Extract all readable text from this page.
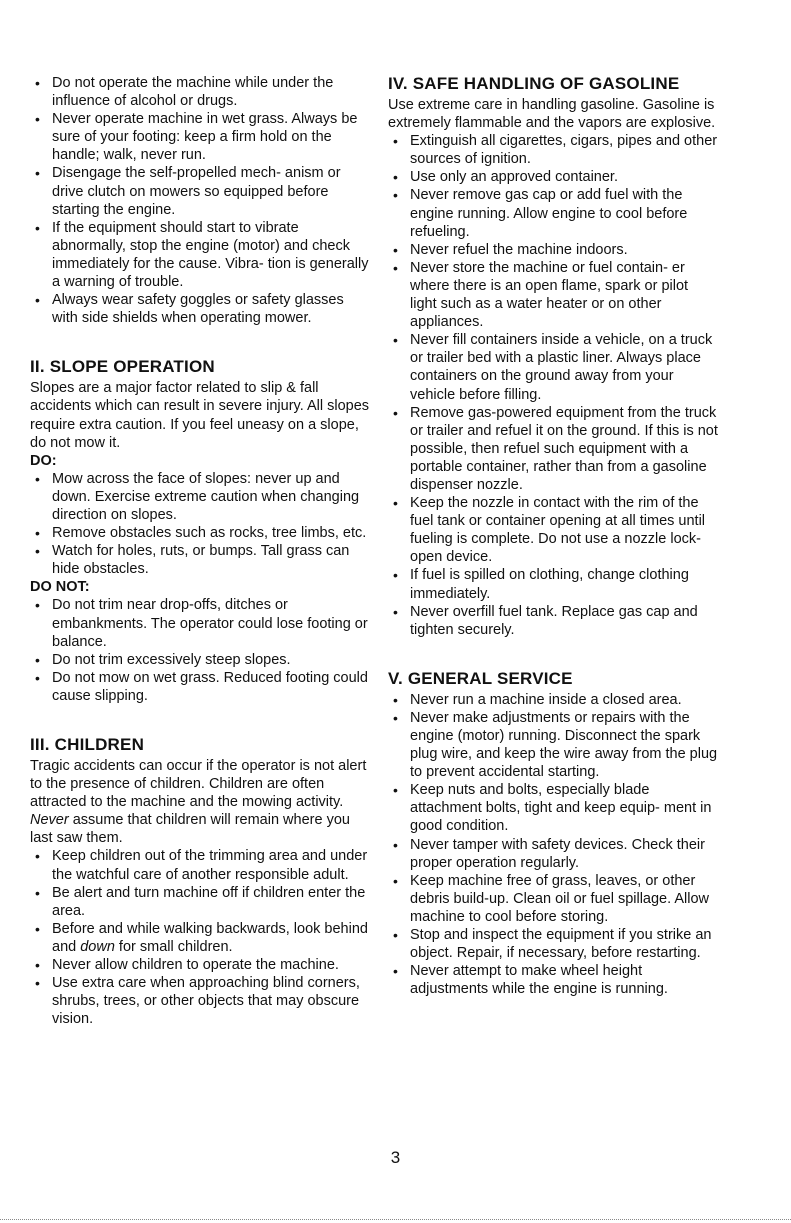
• Do not operate the machine while under the influence of alcohol or drugs.
• Never operate machine in wet grass. Always be sure of your footing: keep a firm hold on the handle; walk, never run.
• Disengage the self-propelled mech- anism or drive clutch on mowers so equipped before starting the engine.
• If the equipment should start to vibrate abnormally, stop the engine (motor) and check immediately for the cause. Vibra- tion is generally a warning of trouble.
• Always wear safety goggles or safety glasses with side shields when operating mower.
II. SLOPE OPERATION

Slopes are a major factor related to slip & fall accidents which can result in severe injury. All slopes require extra caution. If you feel uneasy on a slope, do not mow it.

DO:

• Mow across the face of slopes: never up and down. Exercise extreme caution when changing direction on slopes.
• Remove obstacles such as rocks, tree limbs, etc.
• Watch for holes, ruts, or bumps. Tall grass can hide obstacles.

DO NOT:

• Do not trim near drop-offs, ditches or embankments. The operator could lose footing or balance.
• Do not trim excessively steep slopes.
• Do not mow on wet grass. Reduced footing could cause slipping.
III. CHILDREN

Tragic accidents can occur if the operator is not alert to the presence of children. Children are often attracted to the machine and the mowing activity. Never assume that children will remain where you last saw them.

• Keep children out of the trimming area and under the watchful care of another responsible adult.
• Be alert and turn machine off if children enter the area.
• Before and while walking backwards, look behind and down for small children.
• Never allow children to operate the machine.
• Use extra care when approaching blind corners, shrubs, trees, or other objects that may obscure vision.
IV. SAFE HANDLING OF GASOLINE

Use extreme care in handling gasoline. Gasoline is extremely flammable and the vapors are explosive.

• Extinguish all cigarettes, cigars, pipes and other sources of ignition.
• Use only an approved container.
• Never remove gas cap or add fuel with the engine running. Allow engine to cool before refueling.
• Never refuel the machine indoors.
• Never store the machine or fuel contain- er where there is an open flame, spark or pilot light such as a water heater or on other appliances.
• Never fill containers inside a vehicle, on a truck or trailer bed with a plastic liner. Always place containers on the ground away from your vehicle before filling.
• Remove gas-powered equipment from the truck or trailer and refuel it on the ground. If this is not possible, then refuel such equipment with a portable container, rather than from a gasoline dispenser nozzle.
• Keep the nozzle in contact with the rim of the fuel tank or container opening at all times until fueling is complete. Do not use a nozzle lock-open device.
• If fuel is spilled on clothing, change clothing immediately.
• Never overfill fuel tank. Replace gas cap and tighten securely.
V. GENERAL SERVICE
• Never run a machine inside a closed area.
• Never make adjustments or repairs with the engine (motor) running. Disconnect the spark plug wire, and keep the wire away from the plug to prevent accidental starting.
• Keep nuts and bolts, especially blade attachment bolts, tight and keep equip- ment in good condition.
• Never tamper with safety devices. Check their proper operation regularly.
• Keep machine free of grass, leaves, or other debris build-up. Clean oil or fuel spillage. Allow machine to cool before storing.
• Stop and inspect the equipment if you strike an object. Repair, if necessary, before restarting.
• Never attempt to make wheel height adjustments while the engine is running.
3
